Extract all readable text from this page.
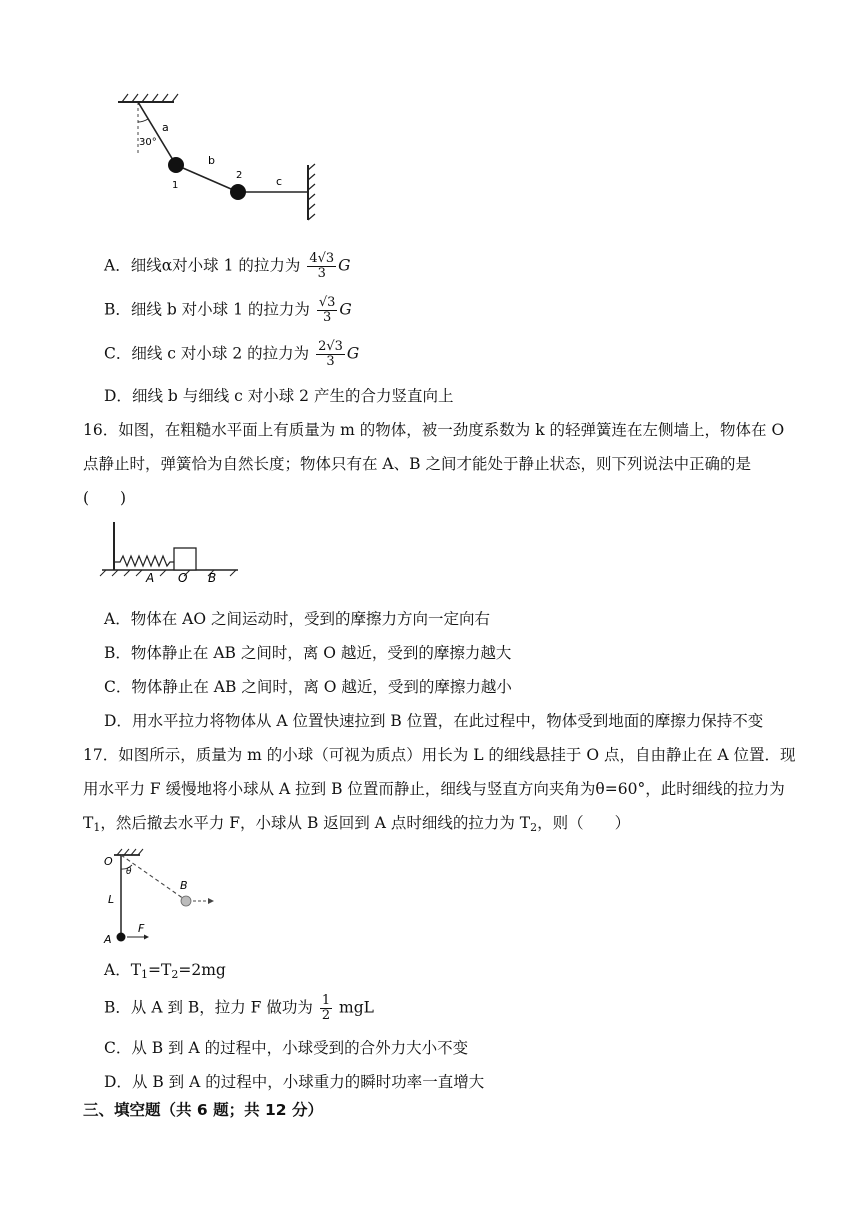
30°
a
b
c
1
2
A．细线α对小球 1 的拉力为 $\frac{4√3}{3}$ G
B．细线 b 对小球 1 的拉力为 $\frac{√3}{3}$ G
C．细线 c 对小球 2 的拉力为 $\frac{2√3}{3}$ G
D．细线 b 与细线 c 对小球 2 产生的合力竖直向上
16．如图，在粗糙水平面上有质量为 m 的物体，被一劲度系数为 k 的轻弹簧连在左侧墙上，物体在 O
点静止时，弹簧恰为自然长度；物体只有在 A、B 之间才能处于静止状态，则下列说法中正确的是
(　　)
A O B
A．物体在 AO 之间运动时，受到的摩擦力方向一定向右
B．物体静止在 AB 之间时，离 O 越近，受到的摩擦力越大
C．物体静止在 AB 之间时，离 O 越近，受到的摩擦力越小
D．用水平拉力将物体从 A 位置快速拉到 B 位置，在此过程中，物体受到地面的摩擦力保持不变
17．如图所示，质量为 m 的小球（可视为质点）用长为 L 的细线悬挂于 O 点，自由静止在 A 位置．现
用水平力 F 缓慢地将小球从 A 拉到 B 位置而静止，细线与竖直方向夹角为θ=60°，此时细线的拉力为
$T_1$，然后撤去水平力 F，小球从 B 返回到 A 点时细线的拉力为 $T_2$，则（　　）
O
θ
L
B
A
F
A．$T_1=T_2=2mg$
B．从 A 到 B，拉力 F 做功为 $\frac{1}{2}$ mgL
C．从 B 到 A 的过程中，小球受到的合外力大小不变
D．从 B 到 A 的过程中，小球重力的瞬时功率一直增大
三、填空题（共 6 题；共 12 分）
